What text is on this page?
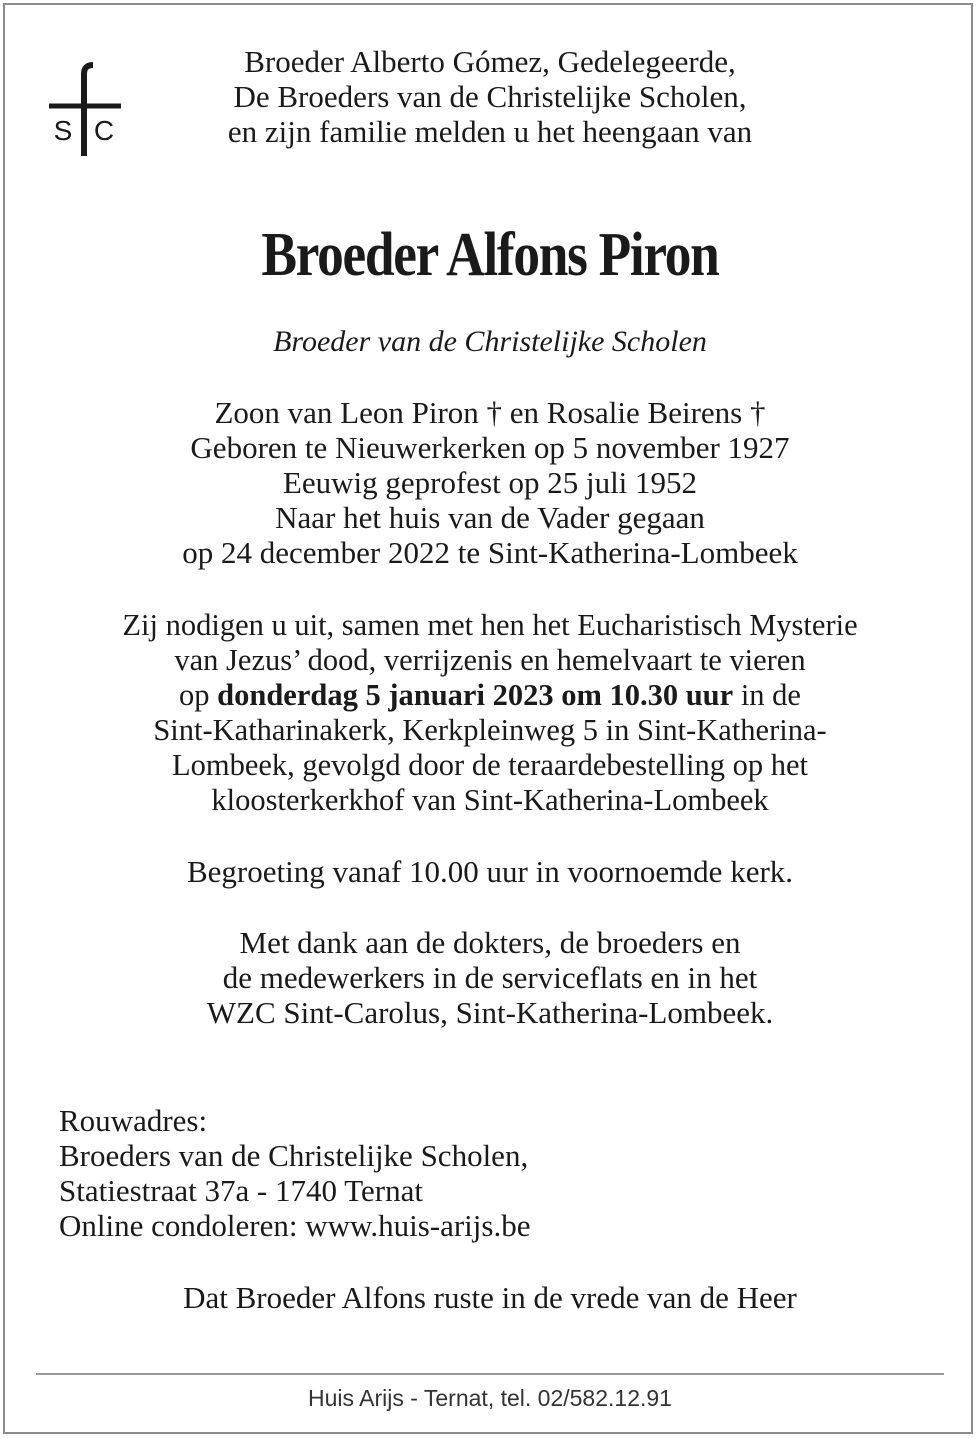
S C
Broeder Alberto Gómez, Gedelegeerde,
De Broeders van de Christelijke Scholen,
en zijn familie melden u het heengaan van
Broeder Alfons Piron
Broeder van de Christelijke Scholen
Zoon van Leon Piron † en Rosalie Beirens †
Geboren te Nieuwerkerken op 5 november 1927
Eeuwig geprofest op 25 juli 1952
Naar het huis van de Vader gegaan
op 24 december 2022 te Sint-Katherina-Lombeek
Zij nodigen u uit, samen met hen het Eucharistisch Mysterie
van Jezus’ dood, verrijzenis en hemelvaart te vieren
op donderdag 5 januari 2023 om 10.30 uur in de
Sint-Katharinakerk, Kerkpleinweg 5 in Sint-Katherina-
Lombeek, gevolgd door de teraardebestelling op het
kloosterkerkhof van Sint-Katherina-Lombeek
Begroeting vanaf 10.00 uur in voornoemde kerk.
Met dank aan de dokters, de broeders en
de medewerkers in de serviceflats en in het
WZC Sint-Carolus, Sint-Katherina-Lombeek.
Rouwadres:
Broeders van de Christelijke Scholen,
Statiestraat 37a - 1740 Ternat
Online condoleren: www.huis-arijs.be
Dat Broeder Alfons ruste in de vrede van de Heer
Huis Arijs - Ternat, tel. 02/582.12.91
